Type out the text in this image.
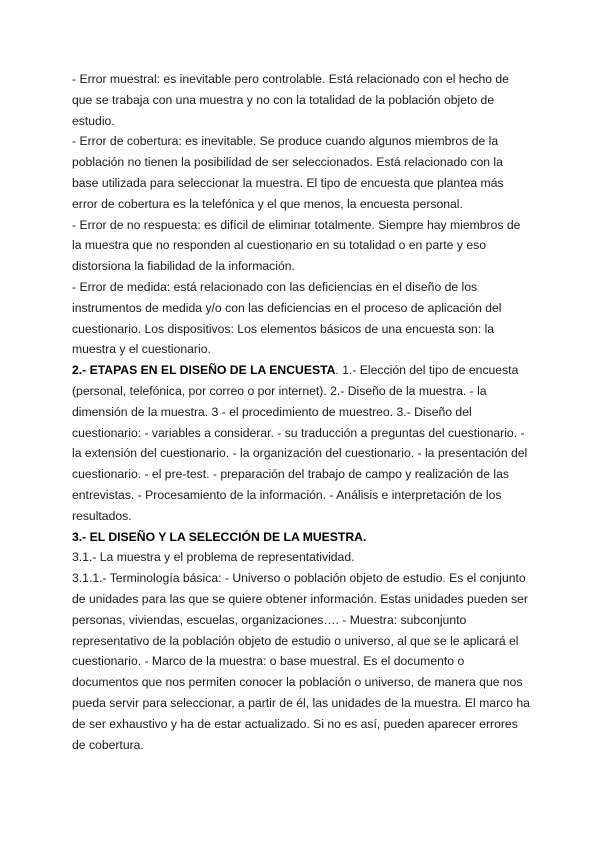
- Error muestral: es inevitable pero controlable. Está relacionado con el hecho de que se trabaja con una muestra y no con la totalidad de la población objeto de estudio.

- Error de cobertura: es inevitable. Se produce cuando algunos miembros de la población no tienen la posibilidad de ser seleccionados. Está relacionado con la base utilizada para seleccionar la muestra. El tipo de encuesta que plantea más error de cobertura es la telefónica y el que menos, la encuesta personal.

- Error de no respuesta: es difícil de eliminar totalmente. Siempre hay miembros de la muestra que no responden al cuestionario en su totalidad o en parte y eso distorsiona la fiabilidad de la información.

- Error de medida: está relacionado con las deficiencias en el diseño de los instrumentos de medida y/o con las deficiencias en el proceso de aplicación del cuestionario. Los dispositivos: Los elementos básicos de una encuesta son: la muestra y el cuestionario.

2.- ETAPAS EN EL DISEÑO DE LA ENCUESTA. 1.- Elección del tipo de encuesta (personal, telefónica, por correo o por internet). 2.- Diseño de la muestra. - la dimensión de la muestra. 3 - el procedimiento de muestreo. 3.- Diseño del cuestionario: - variables a considerar. - su traducción a preguntas del cuestionario. - la extensión del cuestionario. - la organización del cuestionario. - la presentación del cuestionario. - el pre-test. - preparación del trabajo de campo y realización de las entrevistas. - Procesamiento de la información. - Análisis e interpretación de los resultados.

3.- EL DISEÑO Y LA SELECCIÓN DE LA MUESTRA.

3.1.- La muestra y el problema de representatividad.

3.1.1.- Terminología básica: - Universo o población objeto de estudio. Es el conjunto de unidades para las que se quiere obtener información. Estas unidades pueden ser personas, viviendas, escuelas, organizaciones…. - Muestra: subconjunto representativo de la población objeto de estudio o universo, al que se le aplicará el cuestionario. - Marco de la muestra: o base muestral. Es el documento o documentos que nos permiten conocer la población o universo, de manera que nos pueda servir para seleccionar, a partir de él, las unidades de la muestra. El marco ha de ser exhaustivo y ha de estar actualizado. Si no es así, pueden aparecer errores de cobertura.
